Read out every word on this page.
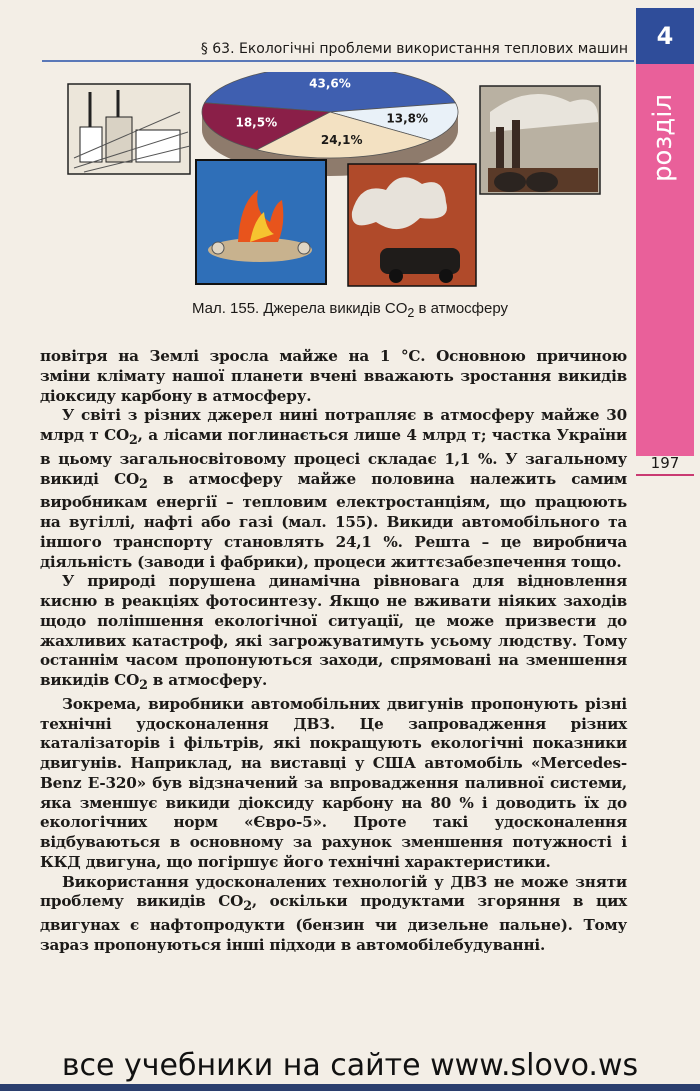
§ 63. Екологічні проблеми використання теплових машин	4
розділ
197
43,6%
13,8%
24,1%
18,5%
Мал. 155. Джерела викидів $CO_2$ в атмосферу

повітря на Землі зросла майже на 1 °С. Основною причиною зміни клімату нашої планети вчені вважають зростання викидів діоксиду карбону в атмосферу.

У світі з різних джерел нині потрапляє в атмосферу майже 30 млрд т $CO_2$, а лісами поглинається лише 4 млрд т; частка України в цьому загальносвітовому процесі складає 1,1 %. У загальному викиді $CO_2$ в атмосферу майже половина належить самим виробникам енергії – тепловим електростанціям, що працюють на вугіллі, нафті або газі (мал. 155). Викиди автомобільного та іншого транспорту становлять 24,1 %. Решта – це виробнича діяльність (заводи і фабрики), процеси життєзабезпечення тощо.

У природі порушена динамічна рівновага для відновлення кисню в реакціях фотосинтезу. Якщо не вживати ніяких заходів щодо поліпшення екологічної ситуації, це може призвести до жахливих катастроф, які загрожуватимуть усьому людству. Тому останнім часом пропонуються заходи, спрямовані на зменшення викидів $CO_2$ в атмосферу.

Зокрема, виробники автомобільних двигунів пропонують різні технічні удосконалення ДВЗ. Це запровадження різних каталізаторів і фільтрів, які покращують екологічні показники двигунів. Наприклад, на виставці у США автомобіль «Mercedes-Benz E-320» був відзначений за впровадження паливної системи, яка зменшує викиди діоксиду карбону на 80 % і доводить їх до екологічних норм «Євро-5». Проте такі удосконалення відбуваються в основному за рахунок зменшення потужності і ККД двигуна, що погіршує його технічні характеристики.

Використання удосконалених технологій у ДВЗ не може зняти проблему викидів $CO_2$, оскільки продуктами згоряння в цих двигунах є нафтопродукти (бензин чи дизельне пальне). Тому зараз пропонуються інші підходи в автомобілебудуванні.

все учебники на сайте www.slovo.ws
